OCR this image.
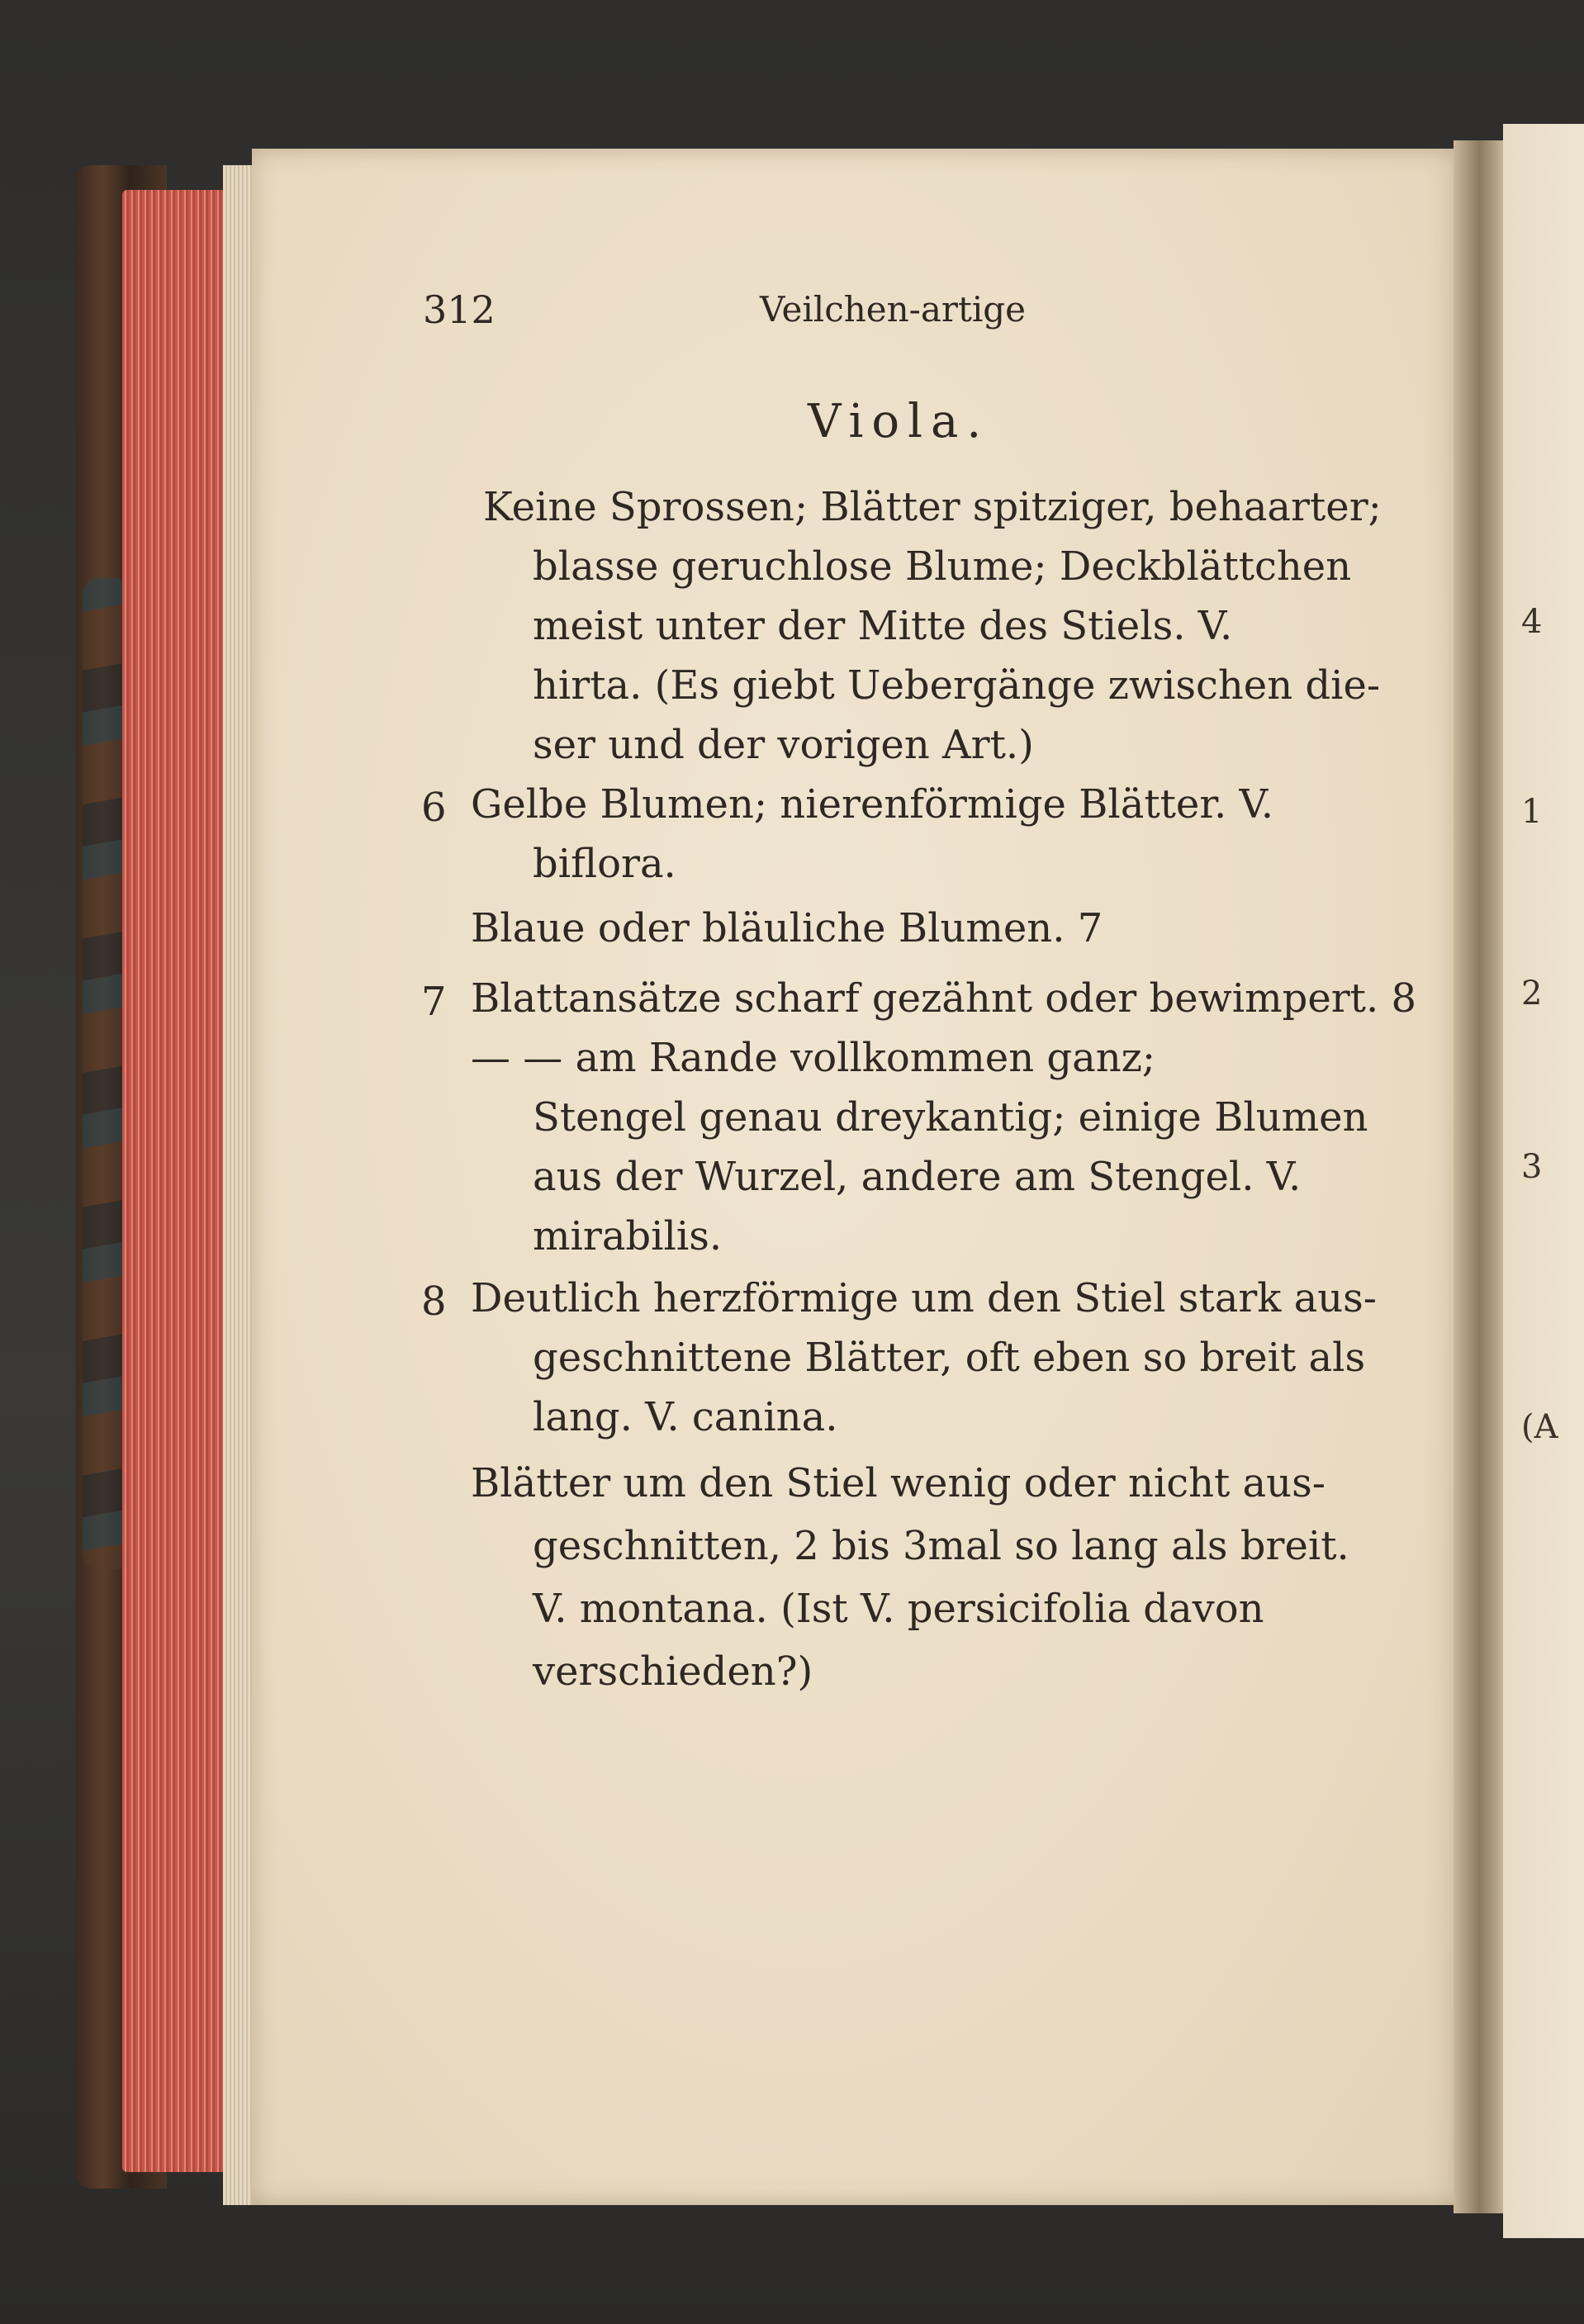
4
1
2
3
(A
312	Veilchen-artige
Viola.
Keine Sprossen; Blätter spitziger, behaarter;
blasse geruchlose Blume; Deckblättchen
meist unter der Mitte des Stiels. V.
hirta. (Es giebt Uebergänge zwischen die-
ser und der vorigen Art.)
6 Gelbe Blumen; nierenförmige Blätter. V.
biflora.
Blaue oder bläuliche Blumen. 7
7 Blattansätze scharf gezähnt oder bewimpert. 8
— — am Rande vollkommen ganz;
Stengel genau dreykantig; einige Blumen
aus der Wurzel, andere am Stengel. V.
mirabilis.
8 Deutlich herzförmige um den Stiel stark aus-
geschnittene Blätter, oft eben so breit als
lang. V. canina.
Blätter um den Stiel wenig oder nicht aus-
geschnitten, 2 bis 3mal so lang als breit.
V. montana. (Ist V. persicifolia davon
verschieden?)
